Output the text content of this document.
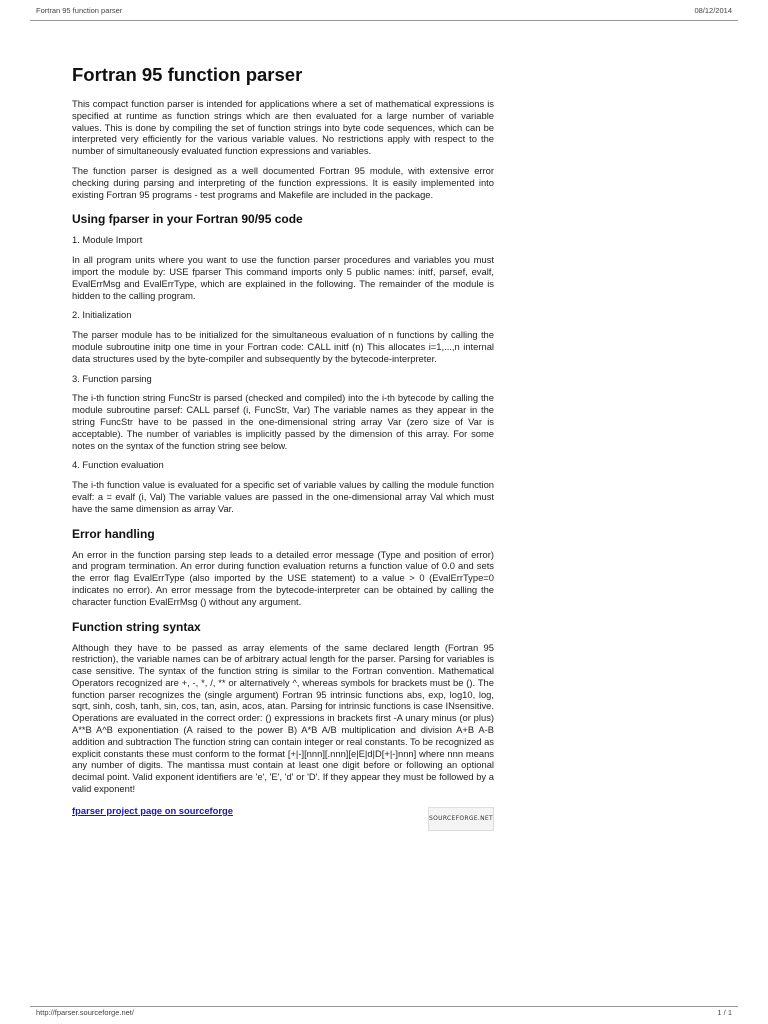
Fortran 95 function parser	08/12/2014
Fortran 95 function parser

This compact function parser is intended for applications where a set of mathematical expressions is specified at runtime as function strings which are then evaluated for a large number of variable values. This is done by compiling the set of function strings into byte code sequences, which can be interpreted very efficiently for the various variable values. No restrictions apply with respect to the number of simultaneously evaluated function expressions and variables.

The function parser is designed as a well documented Fortran 95 module, with extensive error checking during parsing and interpreting of the function expressions. It is easily implemented into existing Fortran 95 programs - test programs and Makefile are included in the package.

Using fparser in your Fortran 90/95 code
1. Module Import

In all program units where you want to use the function parser procedures and variables you must import the module by: USE fparser This command imports only 5 public names: initf, parsef, evalf, EvalErrMsg and EvalErrType, which are explained in the following. The remainder of the module is hidden to the calling program.

2. Initialization

The parser module has to be initialized for the simultaneous evaluation of n functions by calling the module subroutine initp one time in your Fortran code: CALL initf (n) This allocates i=1,...,n internal data structures used by the byte-compiler and subsequently by the bytecode-interpreter.

3. Function parsing

The i-th function string FuncStr is parsed (checked and compiled) into the i-th bytecode by calling the module subroutine parsef: CALL parsef (i, FuncStr, Var) The variable names as they appear in the string FuncStr have to be passed in the one-dimensional string array Var (zero size of Var is acceptable). The number of variables is implicitly passed by the dimension of this array. For some notes on the syntax of the function string see below.

4. Function evaluation

The i-th function value is evaluated for a specific set of variable values by calling the module function evalf: a = evalf (i, Val) The variable values are passed in the one-dimensional array Val which must have the same dimension as array Var.

Error handling

An error in the function parsing step leads to a detailed error message (Type and position of error) and program termination. An error during function evaluation returns a function value of 0.0 and sets the error flag EvalErrType (also imported by the USE statement) to a value > 0 (EvalErrType=0 indicates no error). An error message from the bytecode-interpreter can be obtained by calling the character function EvalErrMsg () without any argument.

Function string syntax

Although they have to be passed as array elements of the same declared length (Fortran 95 restriction), the variable names can be of arbitrary actual length for the parser. Parsing for variables is case sensitive. The syntax of the function string is similar to the Fortran convention. Mathematical Operators recognized are +, -, *, /, ** or alternatively ^, whereas symbols for brackets must be (). The function parser recognizes the (single argument) Fortran 95 intrinsic functions abs, exp, log10, log, sqrt, sinh, cosh, tanh, sin, cos, tan, asin, acos, atan. Parsing for intrinsic functions is case INsensitive. Operations are evaluated in the correct order: () expressions in brackets first -A unary minus (or plus) A**B A^B exponentiation (A raised to the power B) A*B A/B multiplication and division A+B A-B addition and subtraction The function string can contain integer or real constants. To be recognized as explicit constants these must conform to the format [+|-][nnn][.nnn][e|E|d|D[+|-]nnn] where nnn means any number of digits. The mantissa must contain at least one digit before or following an optional decimal point. Valid exponent identifiers are 'e', 'E', 'd' or 'D'. If they appear they must be followed by a valid exponent!

fparser project page on sourceforge
SOURCEFORGE.NET
http://fparser.sourceforge.net/	1 / 1
